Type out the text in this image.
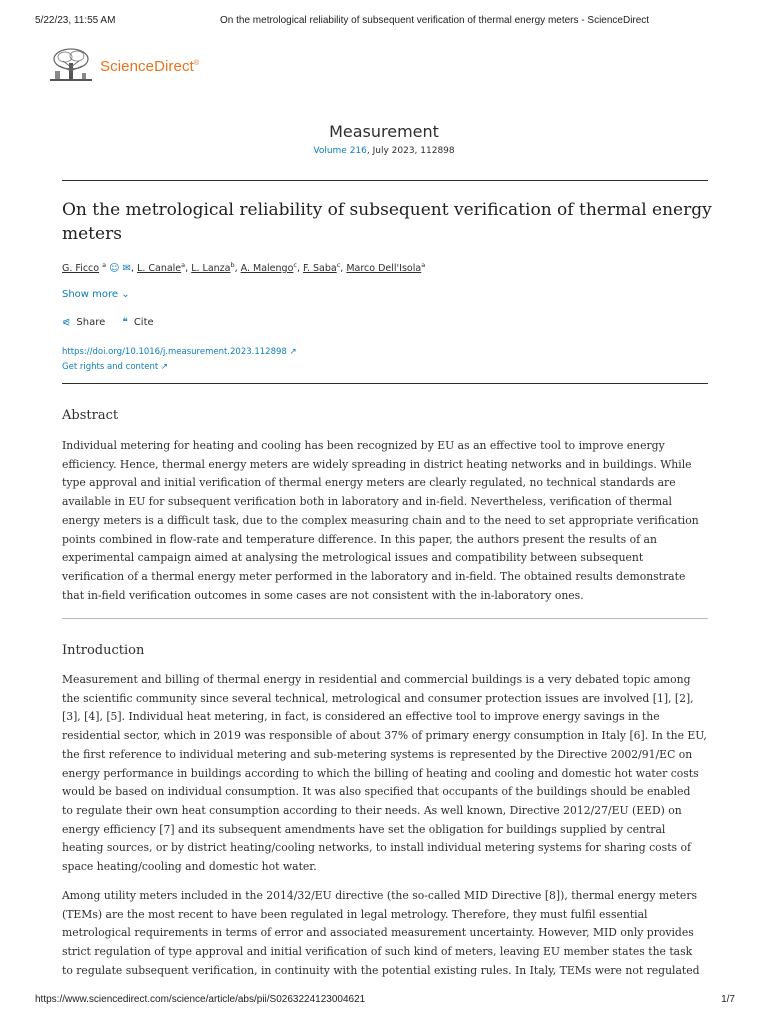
5/22/23, 11:55 AM	On the metrological reliability of subsequent verification of thermal energy meters - ScienceDirect
ScienceDirect®
Measurement
Volume 216, July 2023, 112898
On the metrological reliability of subsequent verification of thermal energy
meters
G. Ficco $^a$ ☺ ✉, L. Canale$^a$, L. Lanza$^b$, A. Malengo$^c$, F. Saba$^c$, Marco Dell'Isola$^a$
Show more ⌄
⪗ Share ❝ Cite
https://doi.org/10.1016/j.measurement.2023.112898 ↗
Get rights and content ↗
Abstract
Individual metering for heating and cooling has been recognized by EU as an effective tool to improve energy
efficiency. Hence, thermal energy meters are widely spreading in district heating networks and in buildings. While
type approval and initial verification of thermal energy meters are clearly regulated, no technical standards are
available in EU for subsequent verification both in laboratory and in-field. Nevertheless, verification of thermal
energy meters is a difficult task, due to the complex measuring chain and to the need to set appropriate verification
points combined in flow-rate and temperature difference. In this paper, the authors present the results of an
experimental campaign aimed at analysing the metrological issues and compatibility between subsequent
verification of a thermal energy meter performed in the laboratory and in-field. The obtained results demonstrate
that in-field verification outcomes in some cases are not consistent with the in-laboratory ones.
Introduction
Measurement and billing of thermal energy in residential and commercial buildings is a very debated topic among
the scientific community since several technical, metrological and consumer protection issues are involved [1], [2],
[3], [4], [5]. Individual heat metering, in fact, is considered an effective tool to improve energy savings in the
residential sector, which in 2019 was responsible of about 37% of primary energy consumption in Italy [6]. In the EU,
the first reference to individual metering and sub-metering systems is represented by the Directive 2002/91/EC on
energy performance in buildings according to which the billing of heating and cooling and domestic hot water costs
would be based on individual consumption. It was also specified that occupants of the buildings should be enabled
to regulate their own heat consumption according to their needs. As well known, Directive 2012/27/EU (EED) on
energy efficiency [7] and its subsequent amendments have set the obligation for buildings supplied by central
heating sources, or by district heating/cooling networks, to install individual metering systems for sharing costs of
space heating/cooling and domestic hot water.
Among utility meters included in the 2014/32/EU directive (the so-called MID Directive [8]), thermal energy meters
(TEMs) are the most recent to have been regulated in legal metrology. Therefore, they must fulfil essential
metrological requirements in terms of error and associated measurement uncertainty. However, MID only provides
strict regulation of type approval and initial verification of such kind of meters, leaving EU member states the task
to regulate subsequent verification, in continuity with the potential existing rules. In Italy, TEMs were not regulated
https://www.sciencedirect.com/science/article/abs/pii/S0263224123004621	1/7
